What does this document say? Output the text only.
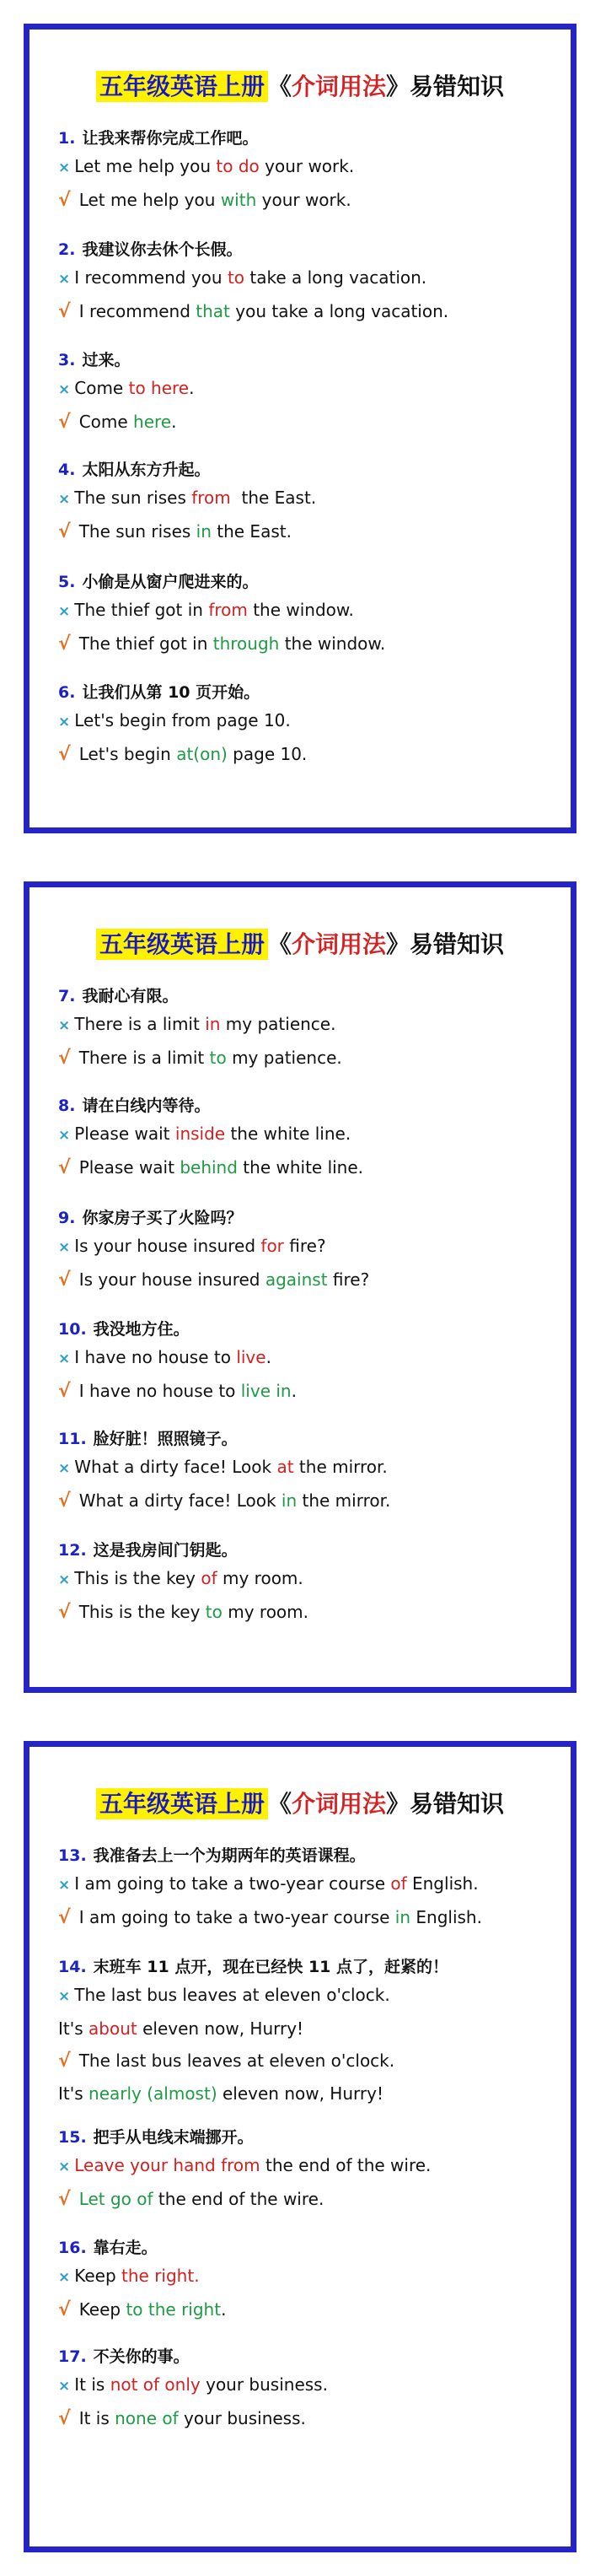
五年级英语上册 《介词用法》易错知识
1. 让我来帮你完成工作吧。
× Let me help you to do your work.
√ Let me help you with your work.
2. 我建议你去休个长假。
× I recommend you to take a long vacation.
√ I recommend that you take a long vacation.
3. 过来。
× Come to here.
√ Come here.
4. 太阳从东方升起。
× The sun rises from  the East.
√ The sun rises in the East.
5. 小偷是从窗户爬进来的。
× The thief got in from the window.
√ The thief got in through the window.
6. 让我们从第 10 页开始。
× Let's begin from page 10.
√ Let's begin at(on) page 10.
五年级英语上册 《介词用法》易错知识
7. 我耐心有限。
× There is a limit in my patience.
√ There is a limit to my patience.
8. 请在白线内等待。
× Please wait inside the white line.
√ Please wait behind the white line.
9. 你家房子买了火险吗？
× Is your house insured for fire?
√ Is your house insured against fire?
10. 我没地方住。
× I have no house to live.
√ I have no house to live in.
11. 脸好脏！照照镜子。
× What a dirty face! Look at the mirror.
√ What a dirty face! Look in the mirror.
12. 这是我房间门钥匙。
× This is the key of my room.
√ This is the key to my room.
五年级英语上册 《介词用法》易错知识
13. 我准备去上一个为期两年的英语课程。
× I am going to take a two-year course of English.
√ I am going to take a two-year course in English.
14. 末班车 11 点开，现在已经快 11 点了，赶紧的！
× The last bus leaves at eleven o'clock.
It's about eleven now, Hurry!
√ The last bus leaves at eleven o'clock.
It's nearly (almost) eleven now, Hurry!
15. 把手从电线末端挪开。
× Leave your hand from the end of the wire.
√ Let go of the end of the wire.
16. 靠右走。
× Keep the right.
√ Keep to the right.
17. 不关你的事。
× It is not of only your business.
√ It is none of your business.
